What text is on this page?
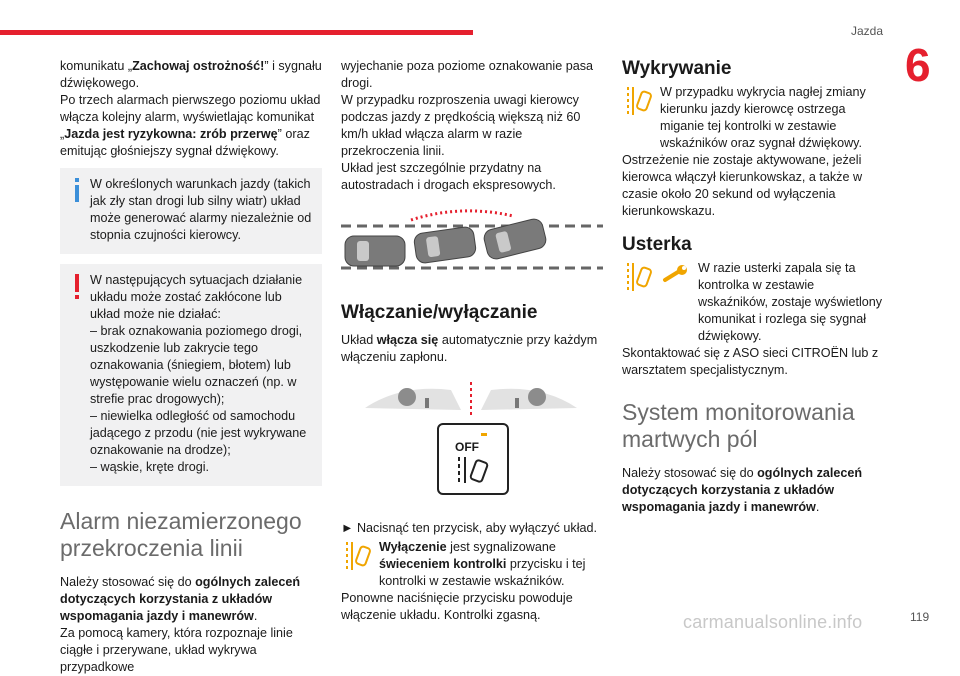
Jazda
6
119
carmanualsonline.info

komunikatu „Zachowaj ostrożność!” i sygnału dźwiękowego.

Po trzech alarmach pierwszego poziomu układ włącza kolejny alarm, wyświetlając komunikat „Jazda jest ryzykowna: zrób przerwę” oraz emitując głośniejszy sygnał dźwiękowy.

W określonych warunkach jazdy (takich jak zły stan drogi lub silny wiatr) układ może generować alarmy niezależnie od stopnia czujności kierowcy.

W następujących sytuacjach działanie układu może zostać zakłócone lub układ może nie działać:

– brak oznakowania poziomego drogi, uszkodzenie lub zakrycie tego oznakowania (śniegiem, błotem) lub występowanie wielu oznaczeń (np. w strefie prac drogowych);

– niewielka odległość od samochodu jadącego z przodu (nie jest wykrywane oznakowanie na drodze);

– wąskie, kręte drogi.

Alarm niezamierzonego przekroczenia linii

Należy stosować się do ogólnych zaleceń dotyczących korzystania z układów wspomagania jazdy i manewrów.

Za pomocą kamery, która rozpoznaje linie ciągłe i przerywane, układ wykrywa przypadkowe

wyjechanie poza poziome oznakowanie pasa drogi.

W przypadku rozproszenia uwagi kierowcy podczas jazdy z prędkością większą niż 60 km/h układ włącza alarm w razie przekroczenia linii.

Układ jest szczególnie przydatny na autostradach i drogach ekspresowych.

Włączanie/wyłączanie

Układ włącza się automatycznie przy każdym włączeniu zapłonu.

OFF

► Nacisnąć ten przycisk, aby wyłączyć układ.

Wyłączenie jest sygnalizowane świeceniem kontrolki przycisku i tej kontrolki w zestawie wskaźników.

Ponowne naciśnięcie przycisku powoduje włączenie układu. Kontrolki zgasną.

Wykrywanie
W przypadku wykrycia nagłej zmiany kierunku jazdy kierowcę ostrzega miganie tej kontrolki w zestawie wskaźników oraz sygnał dźwiękowy.

Ostrzeżenie nie zostaje aktywowane, jeżeli kierowca włączył kierunkowskaz, a także w czasie około 20 sekund od wyłączenia kierunkowskazu.

Usterka
W razie usterki zapala się ta kontrolka w zestawie wskaźników, zostaje wyświetlony komunikat i rozlega się sygnał dźwiękowy.

Skontaktować się z ASO sieci CITROËN lub z warsztatem specjalistycznym.

System monitorowania martwych pól

Należy stosować się do ogólnych zaleceń dotyczących korzystania z układów wspomagania jazdy i manewrów.
